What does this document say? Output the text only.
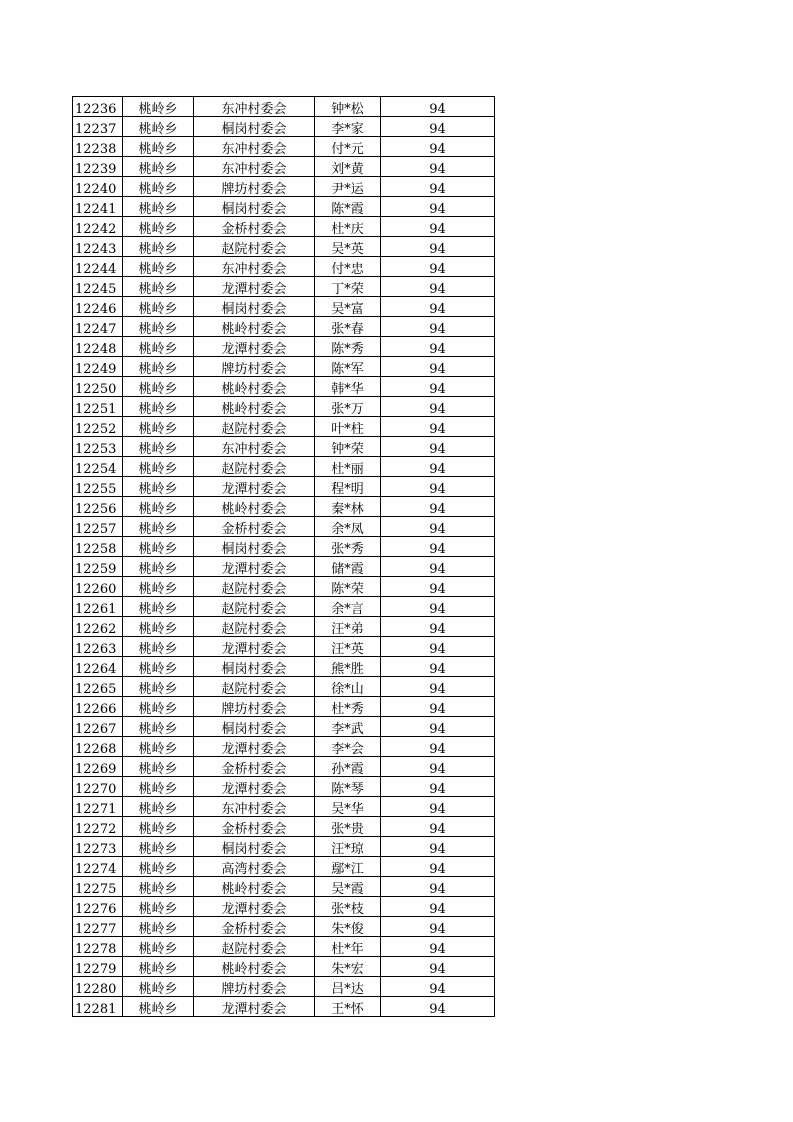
12236	桃岭乡	东冲村委会	钟*松	94
12237	桃岭乡	桐岗村委会	李*家	94
12238	桃岭乡	东冲村委会	付*元	94
12239	桃岭乡	东冲村委会	刘*黄	94
12240	桃岭乡	牌坊村委会	尹*运	94
12241	桃岭乡	桐岗村委会	陈*霞	94
12242	桃岭乡	金桥村委会	杜*庆	94
12243	桃岭乡	赵院村委会	吴*英	94
12244	桃岭乡	东冲村委会	付*忠	94
12245	桃岭乡	龙潭村委会	丁*荣	94
12246	桃岭乡	桐岗村委会	吴*富	94
12247	桃岭乡	桃岭村委会	张*春	94
12248	桃岭乡	龙潭村委会	陈*秀	94
12249	桃岭乡	牌坊村委会	陈*军	94
12250	桃岭乡	桃岭村委会	韩*华	94
12251	桃岭乡	桃岭村委会	张*万	94
12252	桃岭乡	赵院村委会	叶*柱	94
12253	桃岭乡	东冲村委会	钟*荣	94
12254	桃岭乡	赵院村委会	杜*丽	94
12255	桃岭乡	龙潭村委会	程*明	94
12256	桃岭乡	桃岭村委会	秦*林	94
12257	桃岭乡	金桥村委会	余*凤	94
12258	桃岭乡	桐岗村委会	张*秀	94
12259	桃岭乡	龙潭村委会	储*霞	94
12260	桃岭乡	赵院村委会	陈*荣	94
12261	桃岭乡	赵院村委会	余*言	94
12262	桃岭乡	赵院村委会	汪*弟	94
12263	桃岭乡	龙潭村委会	汪*英	94
12264	桃岭乡	桐岗村委会	熊*胜	94
12265	桃岭乡	赵院村委会	徐*山	94
12266	桃岭乡	牌坊村委会	杜*秀	94
12267	桃岭乡	桐岗村委会	李*武	94
12268	桃岭乡	龙潭村委会	李*会	94
12269	桃岭乡	金桥村委会	孙*霞	94
12270	桃岭乡	龙潭村委会	陈*琴	94
12271	桃岭乡	东冲村委会	吴*华	94
12272	桃岭乡	金桥村委会	张*贵	94
12273	桃岭乡	桐岗村委会	汪*琼	94
12274	桃岭乡	高湾村委会	鄢*江	94
12275	桃岭乡	桃岭村委会	吴*霞	94
12276	桃岭乡	龙潭村委会	张*枝	94
12277	桃岭乡	金桥村委会	朱*俊	94
12278	桃岭乡	赵院村委会	杜*年	94
12279	桃岭乡	桃岭村委会	朱*宏	94
12280	桃岭乡	牌坊村委会	吕*达	94
12281	桃岭乡	龙潭村委会	王*怀	94
